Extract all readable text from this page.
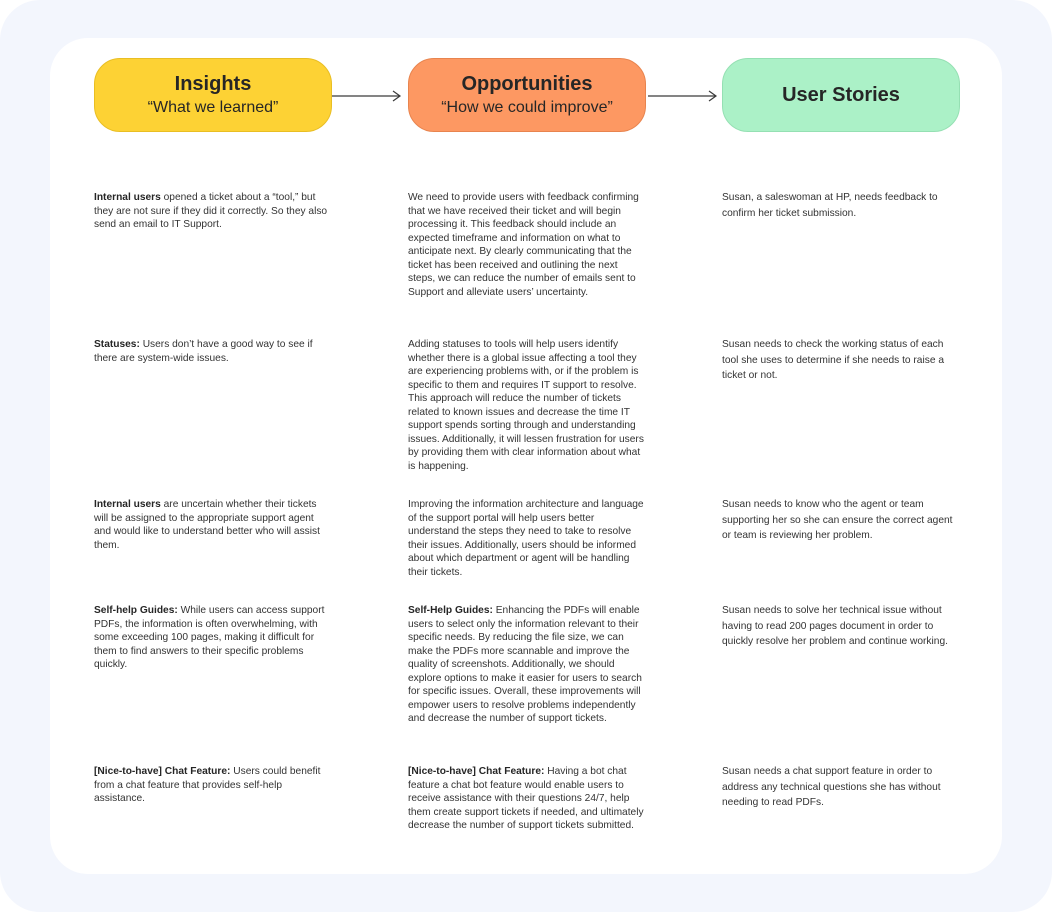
Insights
“What we learned”
Opportunities
“How we could improve”
User Stories
Internal users opened a ticket about a “tool,” but they are not sure if they did it correctly. So they also send an email to IT Support.
We need to provide users with feedback confirming that we have received their ticket and will begin processing it. This feedback should include an expected timeframe and information on what to anticipate next. By clearly communicating that the ticket has been received and outlining the next steps, we can reduce the number of emails sent to Support and alleviate users’ uncertainty.
Susan, a saleswoman at HP, needs feedback to confirm her ticket submission.
Statuses: Users don’t have a good way to see if there are system-wide issues.
Adding statuses to tools will help users identify whether there is a global issue affecting a tool they are experiencing problems with, or if the problem is specific to them and requires IT support to resolve. This approach will reduce the number of tickets related to known issues and decrease the time IT support spends sorting through and understanding issues. Additionally, it will lessen frustration for users by providing them with clear information about what is happening.
Susan needs to check the working status of each tool she uses to determine if she needs to raise a ticket or not.
Internal users are uncertain whether their tickets will be assigned to the appropriate support agent and would like to understand better who will assist them.
Improving the information architecture and language of the support portal will help users better understand the steps they need to take to resolve their issues. Additionally, users should be informed about which department or agent will be handling their tickets.
Susan needs to know who the agent or team supporting her so she can ensure the correct agent or team is reviewing her problem.
Self-help Guides: While users can access support PDFs, the information is often overwhelming, with some exceeding 100 pages, making it difficult for them to find answers to their specific problems quickly.
Self-Help Guides: Enhancing the PDFs will enable users to select only the information relevant to their specific needs. By reducing the file size, we can make the PDFs more scannable and improve the quality of screenshots. Additionally, we should explore options to make it easier for users to search for specific issues. Overall, these improvements will empower users to resolve problems independently and decrease the number of support tickets.
Susan needs to solve her technical issue without having to read 200 pages document in order to quickly resolve her problem and continue working.
[Nice-to-have] Chat Feature: Users could benefit from a chat feature that provides self-help assistance.
[Nice-to-have] Chat Feature: Having a bot chat feature a chat bot feature would enable users to receive assistance with their questions 24/7, help them create support tickets if needed, and ultimately decrease the number of support tickets submitted.
Susan needs a chat support feature in order to address any technical questions she has without needing to read PDFs.
